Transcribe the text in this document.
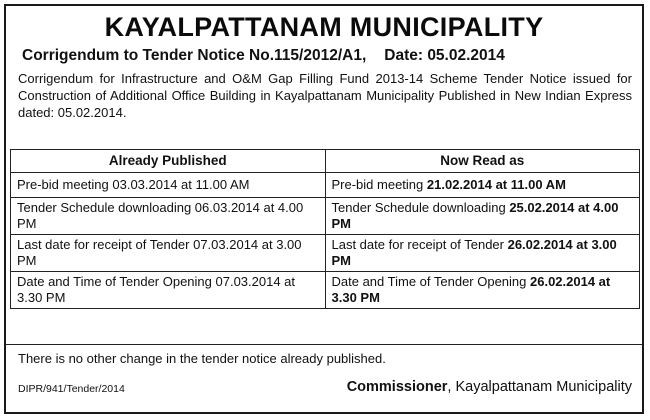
KAYALPATTANAM MUNICIPALITY
Corrigendum to Tender Notice No.115/2012/A1, Date: 05.02.2014
Corrigendum for Infrastructure and O&M Gap Filling Fund 2013-14 Scheme Tender Notice issued for Construction of Additional Office Building in Kayalpattanam Municipality Published in New Indian Express dated: 05.02.2014.
Already Published	Now Read as
Pre-bid meeting 03.03.2014 at 11.00 AM	Pre-bid meeting 21.02.2014 at 11.00 AM
Tender Schedule downloading 06.03.2014 at 4.00 PM	Tender Schedule downloading 25.02.2014 at 4.00 PM
Last date for receipt of Tender 07.03.2014 at 3.00 PM	Last date for receipt of Tender 26.02.2014 at 3.00 PM
Date and Time of Tender Opening 07.03.2014 at 3.30 PM	Date and Time of Tender Opening 26.02.2014 at 3.30 PM
There is no other change in the tender notice already published.
DIPR/941/Tender/2014	Commissioner, Kayalpattanam Municipality
